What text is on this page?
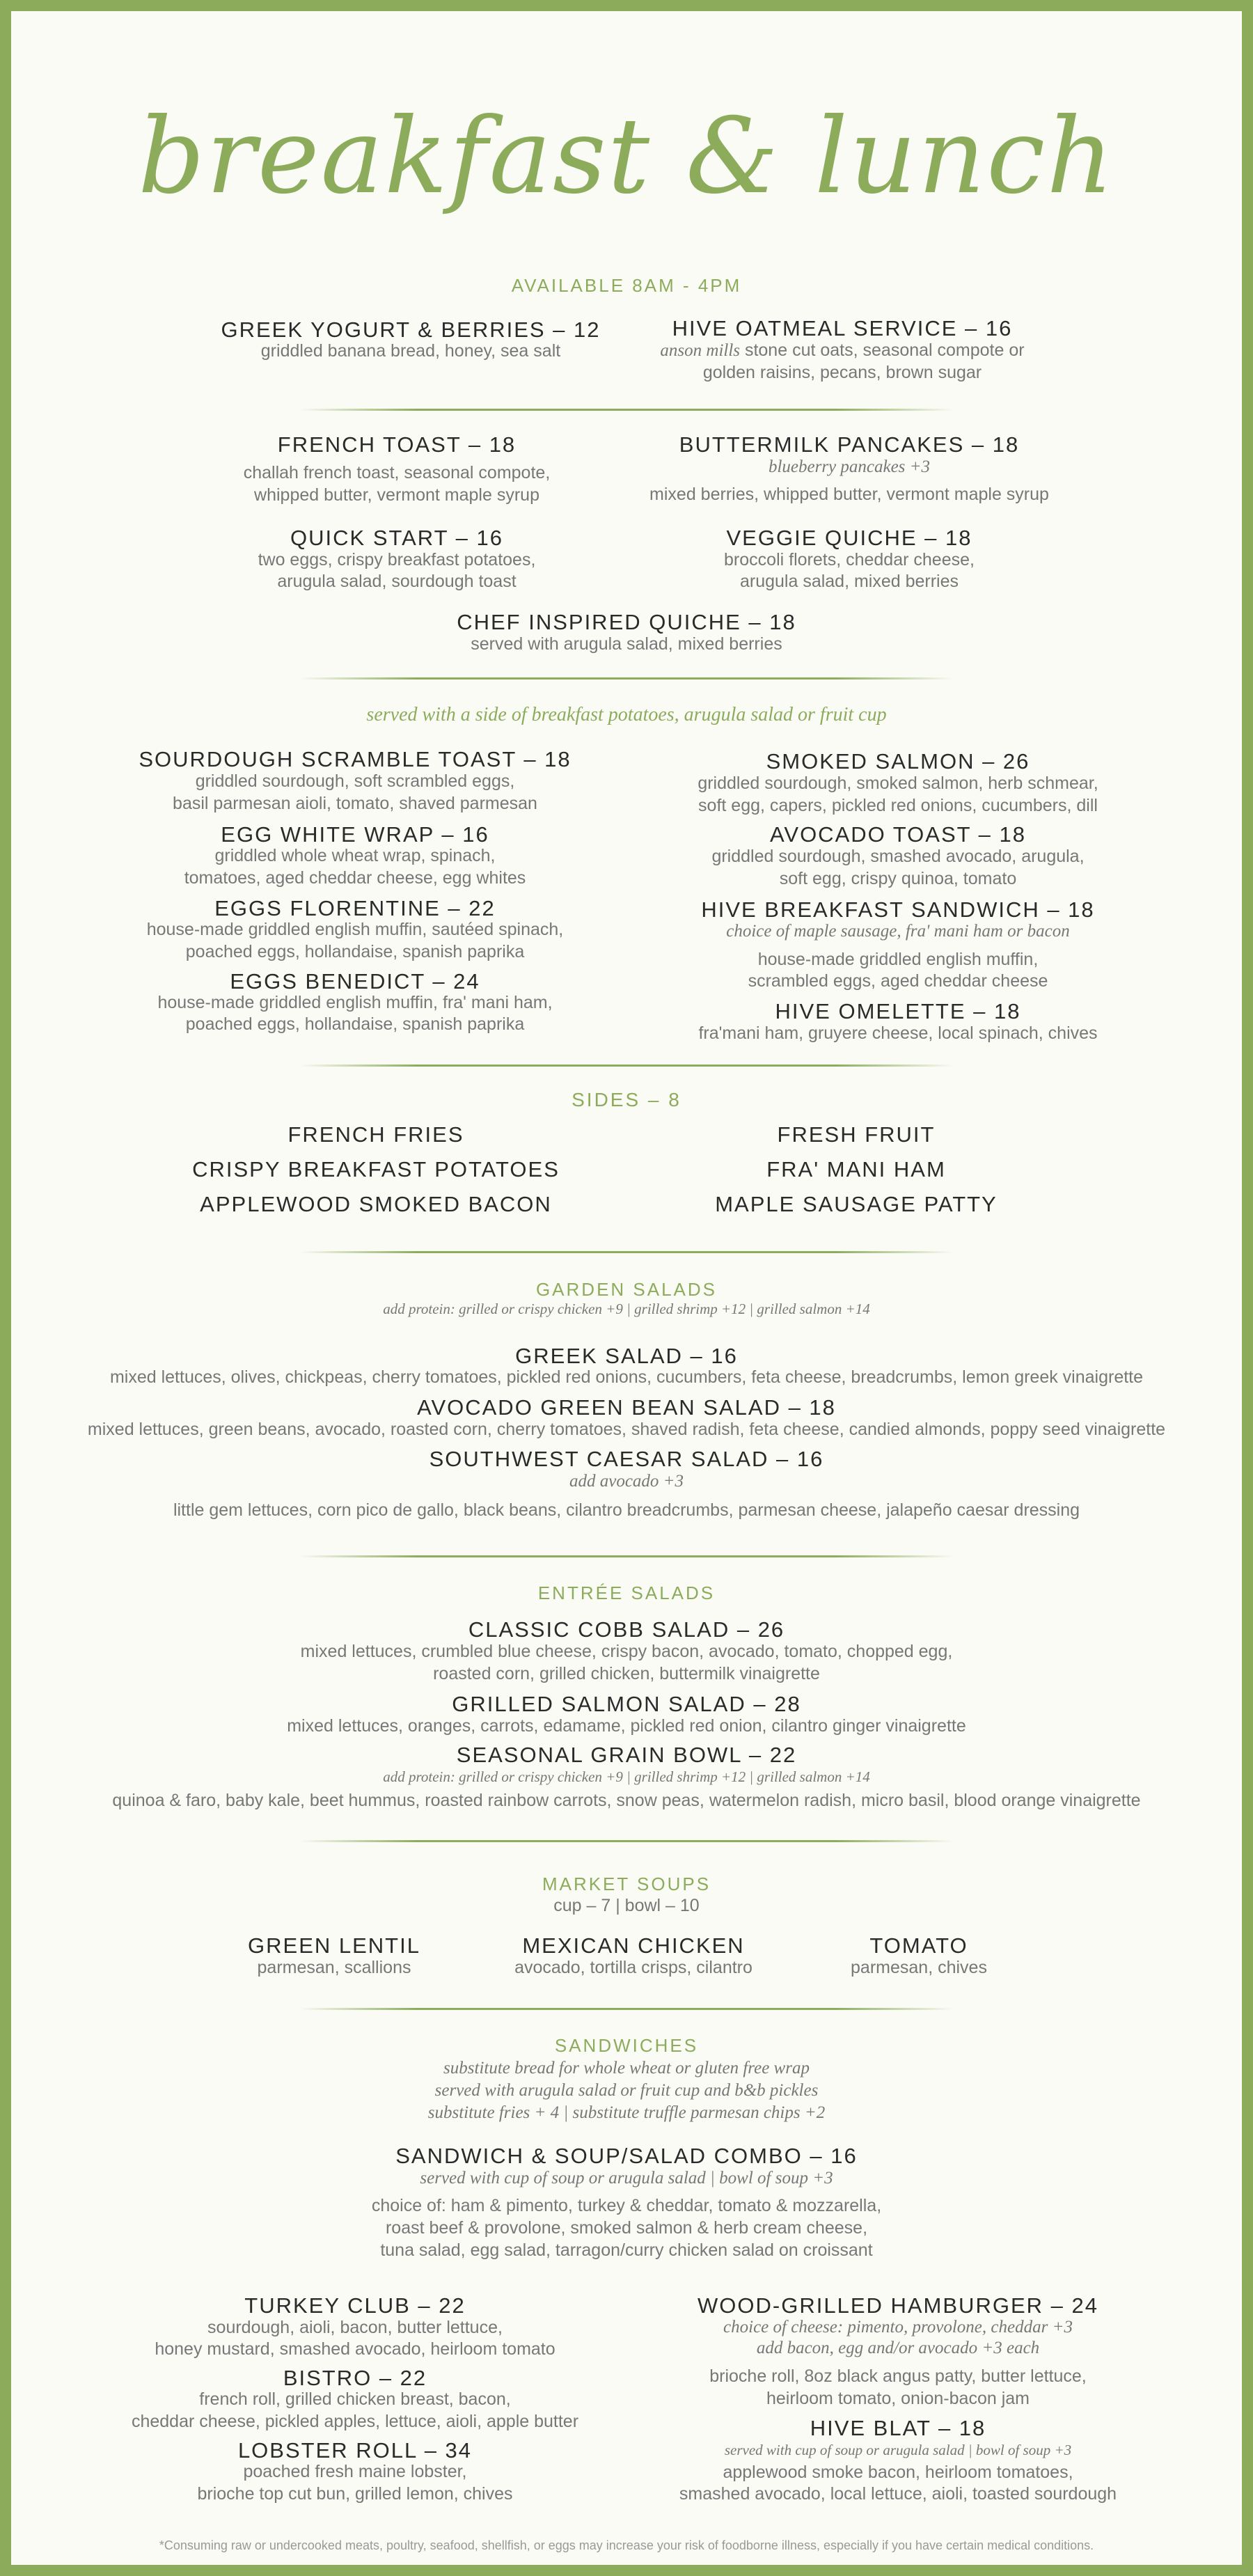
breakfast & lunch
AVAILABLE 8AM - 4PM
GREEK YOGURT & BERRIES – 12
griddled banana bread, honey, sea salt
HIVE OATMEAL SERVICE – 16
anson mills stone cut oats, seasonal compote or
golden raisins, pecans, brown sugar
FRENCH TOAST – 18
challah french toast, seasonal compote,
whipped butter, vermont maple syrup
BUTTERMILK PANCAKES – 18
blueberry pancakes +3
mixed berries, whipped butter, vermont maple syrup
QUICK START – 16
two eggs, crispy breakfast potatoes,
arugula salad, sourdough toast
VEGGIE QUICHE – 18
broccoli florets, cheddar cheese,
arugula salad, mixed berries
CHEF INSPIRED QUICHE – 18
served with arugula salad, mixed berries
served with a side of breakfast potatoes, arugula salad or fruit cup
SOURDOUGH SCRAMBLE TOAST – 18
griddled sourdough, soft scrambled eggs,
basil parmesan aioli, tomato, shaved parmesan
EGG WHITE WRAP – 16
griddled whole wheat wrap, spinach,
tomatoes, aged cheddar cheese, egg whites
EGGS FLORENTINE – 22
house-made griddled english muffin, sautéed spinach,
poached eggs, hollandaise, spanish paprika
EGGS BENEDICT – 24
house-made griddled english muffin, fra' mani ham,
poached eggs, hollandaise, spanish paprika
SMOKED SALMON – 26
griddled sourdough, smoked salmon, herb schmear,
soft egg, capers, pickled red onions, cucumbers, dill
AVOCADO TOAST – 18
griddled sourdough, smashed avocado, arugula,
soft egg, crispy quinoa, tomato
HIVE BREAKFAST SANDWICH – 18
choice of maple sausage, fra' mani ham or bacon
house-made griddled english muffin,
scrambled eggs, aged cheddar cheese
HIVE OMELETTE – 18
fra'mani ham, gruyere cheese, local spinach, chives
SIDES – 8
FRENCH FRIES
CRISPY BREAKFAST POTATOES
APPLEWOOD SMOKED BACON
FRESH FRUIT
FRA' MANI HAM
MAPLE SAUSAGE PATTY
GARDEN SALADS
add protein: grilled or crispy chicken +9 | grilled shrimp +12 | grilled salmon +14
GREEK SALAD – 16
mixed lettuces, olives, chickpeas, cherry tomatoes, pickled red onions, cucumbers, feta cheese, breadcrumbs, lemon greek vinaigrette
AVOCADO GREEN BEAN SALAD – 18
mixed lettuces, green beans, avocado, roasted corn, cherry tomatoes, shaved radish, feta cheese, candied almonds, poppy seed vinaigrette
SOUTHWEST CAESAR SALAD – 16
add avocado +3
little gem lettuces, corn pico de gallo, black beans, cilantro breadcrumbs, parmesan cheese, jalapeño caesar dressing
ENTRÉE SALADS
CLASSIC COBB SALAD – 26
mixed lettuces, crumbled blue cheese, crispy bacon, avocado, tomato, chopped egg,
roasted corn, grilled chicken, buttermilk vinaigrette
GRILLED SALMON SALAD – 28
mixed lettuces, oranges, carrots, edamame, pickled red onion, cilantro ginger vinaigrette
SEASONAL GRAIN BOWL – 22
add protein: grilled or crispy chicken +9 | grilled shrimp +12 | grilled salmon +14
quinoa & faro, baby kale, beet hummus, roasted rainbow carrots, snow peas, watermelon radish, micro basil, blood orange vinaigrette
MARKET SOUPS
cup – 7 | bowl – 10
GREEN LENTIL
parmesan, scallions
MEXICAN CHICKEN
avocado, tortilla crisps, cilantro
TOMATO
parmesan, chives
SANDWICHES
substitute bread for whole wheat or gluten free wrap
served with arugula salad or fruit cup and b&b pickles
substitute fries + 4 | substitute truffle parmesan chips +2
SANDWICH & SOUP/SALAD COMBO – 16
served with cup of soup or arugula salad | bowl of soup +3
choice of: ham & pimento, turkey & cheddar, tomato & mozzarella,
roast beef & provolone, smoked salmon & herb cream cheese,
tuna salad, egg salad, tarragon/curry chicken salad on croissant
TURKEY CLUB – 22
sourdough, aioli, bacon, butter lettuce,
honey mustard, smashed avocado, heirloom tomato
BISTRO – 22
french roll, grilled chicken breast, bacon,
cheddar cheese, pickled apples, lettuce, aioli, apple butter
LOBSTER ROLL – 34
poached fresh maine lobster,
brioche top cut bun, grilled lemon, chives
WOOD-GRILLED HAMBURGER – 24
choice of cheese: pimento, provolone, cheddar +3
add bacon, egg and/or avocado +3 each
brioche roll, 8oz black angus patty, butter lettuce,
heirloom tomato, onion-bacon jam
HIVE BLAT – 18
served with cup of soup or arugula salad | bowl of soup +3
applewood smoke bacon, heirloom tomatoes,
smashed avocado, local lettuce, aioli, toasted sourdough
*Consuming raw or undercooked meats, poultry, seafood, shellfish, or eggs may increase your risk of foodborne illness, especially if you have certain medical conditions.
